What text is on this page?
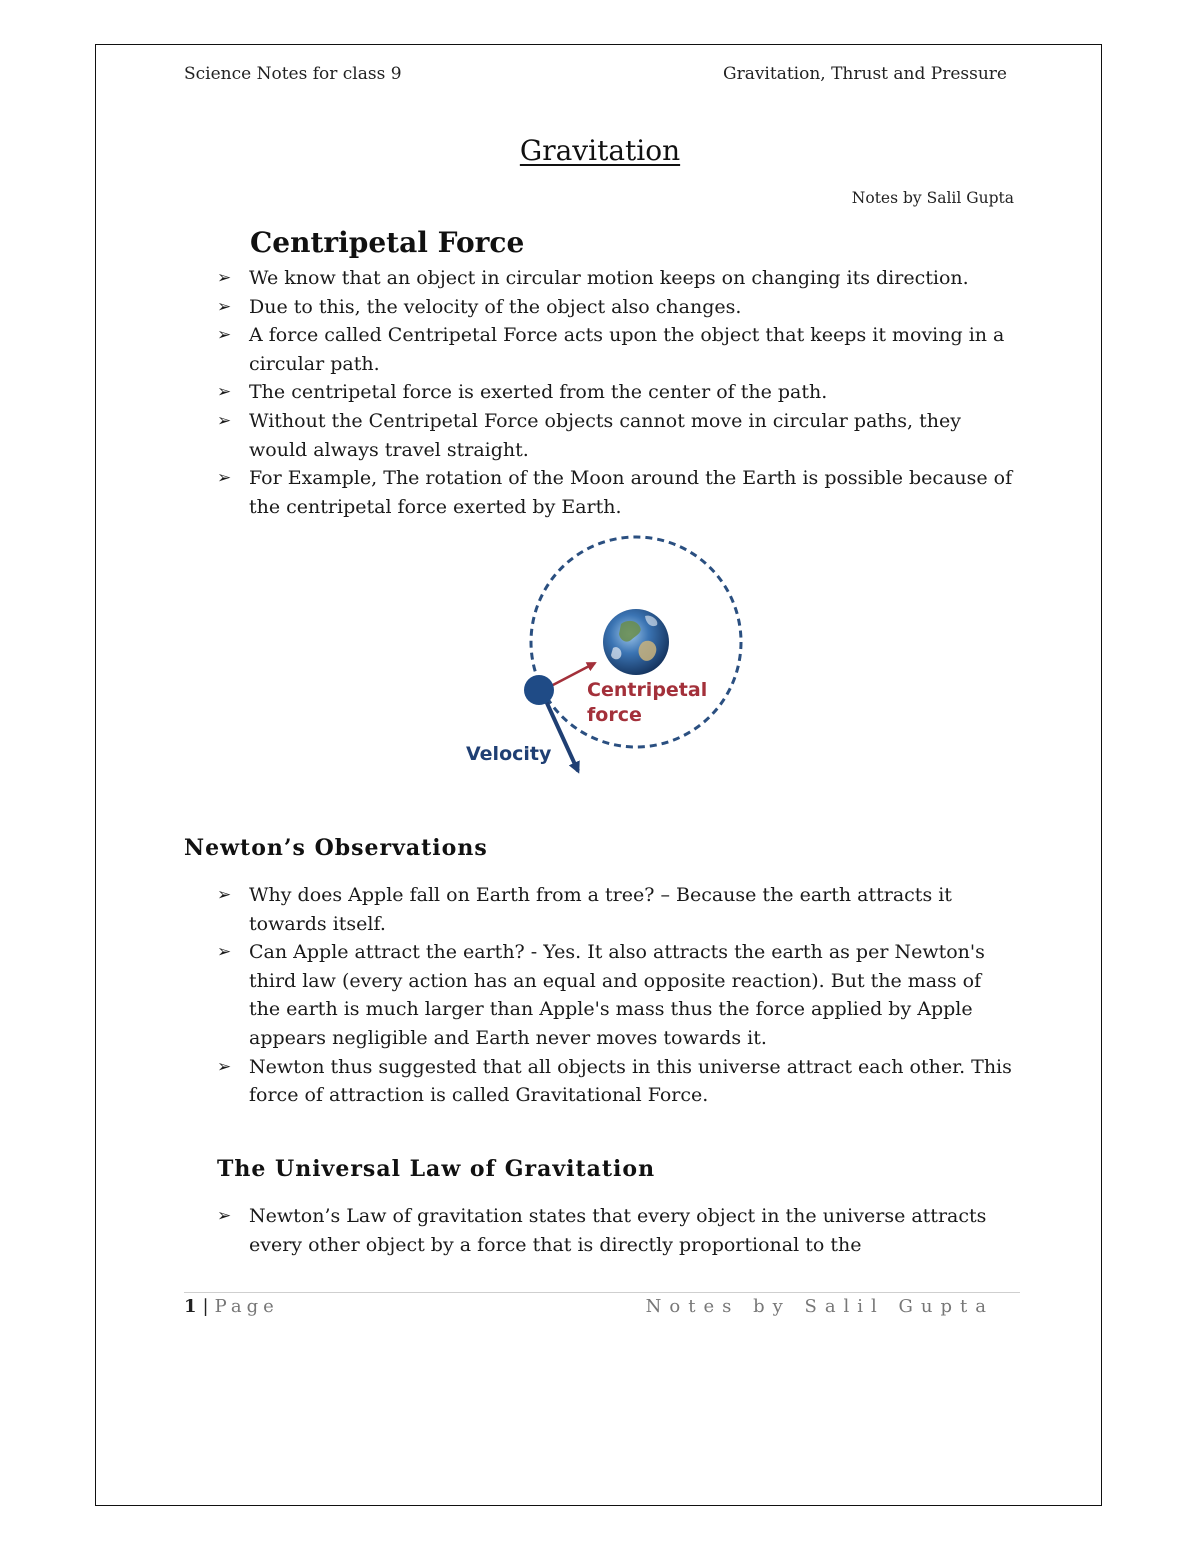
Science Notes for class 9	Gravitation, Thrust and Pressure
Gravitation
Notes by Salil Gupta
Centripetal Force
➢ We know that an object in circular motion keeps on changing its direction.
➢ Due to this, the velocity of the object also changes.
➢ A force called Centripetal Force acts upon the object that keeps it moving in a circular path.
➢ The centripetal force is exerted from the center of the path.
➢ Without the Centripetal Force objects cannot move in circular paths, they would always travel straight.
➢ For Example, The rotation of the Moon around the Earth is possible because of the centripetal force exerted by Earth.
Centripetal
force
Velocity
Newton’s Observations
➢ Why does Apple fall on Earth from a tree? – Because the earth attracts it towards itself.
➢ Can Apple attract the earth? - Yes. It also attracts the earth as per Newton's third law (every action has an equal and opposite reaction). But the mass of the earth is much larger than Apple's mass thus the force applied by Apple appears negligible and Earth never moves towards it.
➢ Newton thus suggested that all objects in this universe attract each other. This force of attraction is called Gravitational Force.
The Universal Law of Gravitation
➢ Newton’s Law of gravitation states that every object in the universe attracts every other object by a force that is directly proportional to the
1 | Page	Notes by Salil Gupta
